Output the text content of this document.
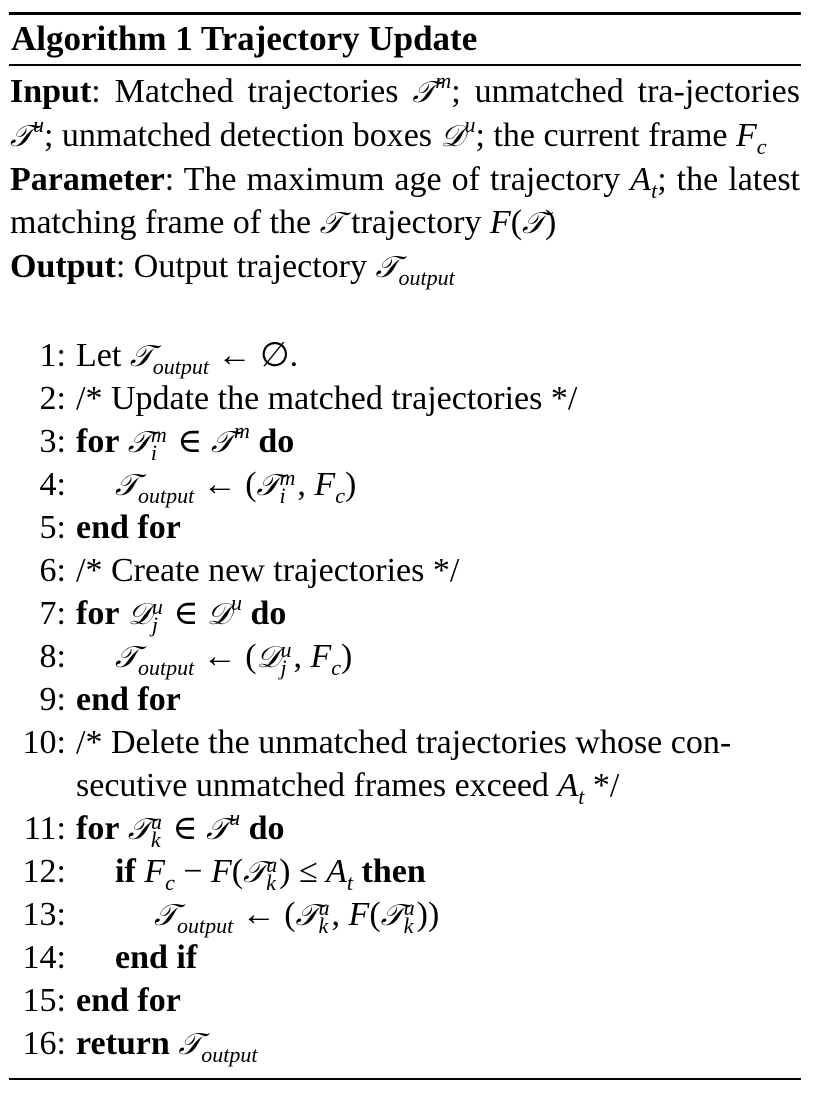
Algorithm 1 Trajectory Update
Input: Matched trajectories 𝒯$^m$; unmatched tra-jectories 𝒯$^u$; unmatched detection boxes 𝒟$^u$; the current frame $F_c$
Parameter: The maximum age of trajectory $A_t$; the latest matching frame of the 𝒯 trajectory F(𝒯)
Output: Output trajectory 𝒯$_{output}$
1: Let 𝒯$_{output}$ ← ∅.
2: /* Update the matched trajectories */
3: for 𝒯 m
i ∈ 𝒯$^m$ do
4: 𝒯$_{output}$ ← (𝒯 m
i , $F_c$)
5: end for
6: /* Create new trajectories */
7: for 𝒟 u
j ∈ 𝒟$^u$ do
8: 𝒯$_{output}$ ← (𝒟 u
j , $F_c$)
9: end for
10: /* Delete the unmatched trajectories whose con-
secutive unmatched frames exceed $A_t$ */
11: for 𝒯 u
k ∈ 𝒯$^u$ do
12: if $F_c$ − F(𝒯 u
k ) ≤ $A_t$ then
13:	𝒯$_{output}$ ← (𝒯 u
k , F(𝒯 u
k ))
14: end if
15: end for
16: return 𝒯$_{output}$
